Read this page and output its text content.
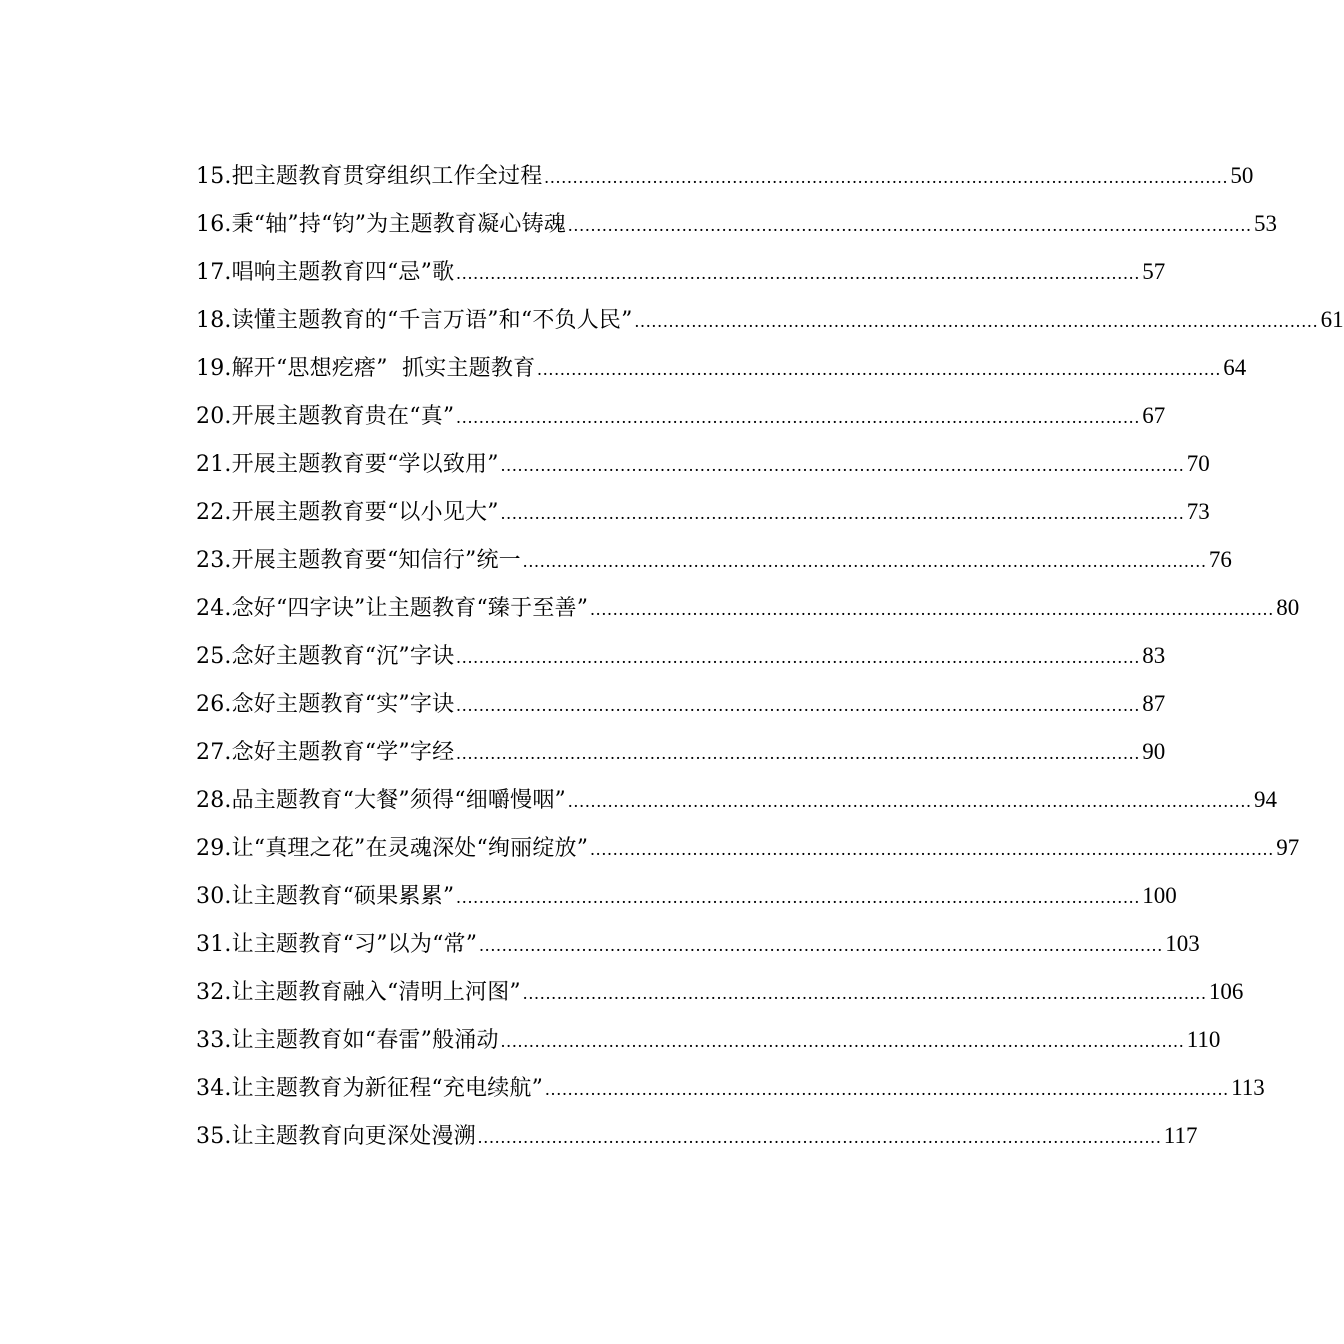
15.把主题教育贯穿组织工作全过程 ........................................................................................................................ 50
16.秉“轴”持“钧”为主题教育凝心铸魂 ........................................................................................................................ 53
17.唱响主题教育四“忌”歌 ........................................................................................................................ 57
18.读懂主题教育的“千言万语”和“不负人民” ........................................................................................................................ 61
19.解开“思想疙瘩”  抓实主题教育 ........................................................................................................................ 64
20.开展主题教育贵在“真” ........................................................................................................................ 67
21.开展主题教育要“学以致用” ........................................................................................................................ 70
22.开展主题教育要“以小见大” ........................................................................................................................ 73
23.开展主题教育要“知信行”统一 ........................................................................................................................ 76
24.念好“四字诀”让主题教育“臻于至善” ........................................................................................................................ 80
25.念好主题教育“沉”字诀 ........................................................................................................................ 83
26.念好主题教育“实”字诀 ........................................................................................................................ 87
27.念好主题教育“学”字经 ........................................................................................................................ 90
28.品主题教育“大餐”须得“细嚼慢咽” ........................................................................................................................ 94
29.让“真理之花”在灵魂深处“绚丽绽放” ........................................................................................................................ 97
30.让主题教育“硕果累累” ........................................................................................................................ 100
31.让主题教育“习”以为“常” ........................................................................................................................ 103
32.让主题教育融入“清明上河图” ........................................................................................................................ 106
33.让主题教育如“春雷”般涌动 ........................................................................................................................ 110
34.让主题教育为新征程“充电续航” ........................................................................................................................ 113
35.让主题教育向更深处漫溯 ........................................................................................................................ 117
